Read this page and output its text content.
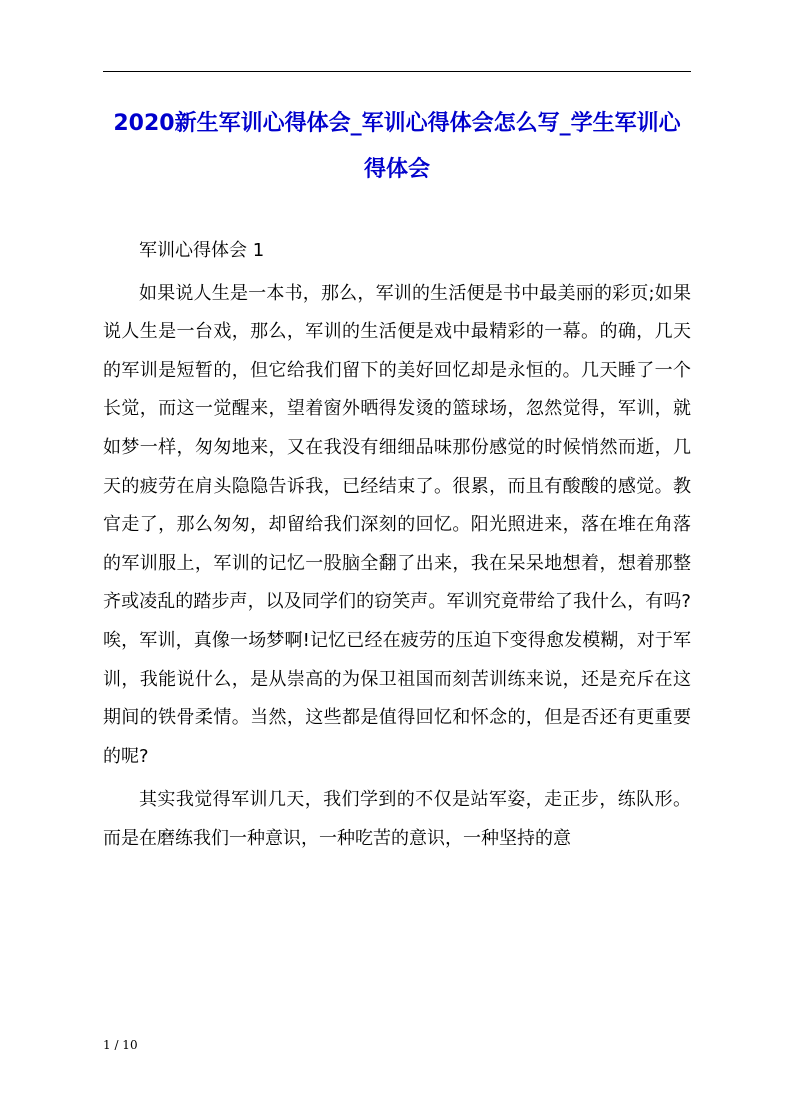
2020新生军训心得体会_军训心得体会怎么写_学生军训心得体会

军训心得体会 1

如果说人生是一本书，那么，军训的生活便是书中最美丽的彩页;如果说人生是一台戏，那么，军训的生活便是戏中最精彩的一幕。的确，几天的军训是短暂的，但它给我们留下的美好回忆却是永恒的。几天睡了一个长觉，而这一觉醒来，望着窗外晒得发烫的篮球场，忽然觉得，军训，就如梦一样，匆匆地来，又在我没有细细品味那份感觉的时候悄然而逝，几天的疲劳在肩头隐隐告诉我，已经结束了。很累，而且有酸酸的感觉。教官走了，那么匆匆，却留给我们深刻的回忆。阳光照进来，落在堆在角落的军训服上，军训的记忆一股脑全翻了出来，我在呆呆地想着，想着那整齐或凌乱的踏步声，以及同学们的窃笑声。军训究竟带给了我什么，有吗?唉，军训，真像一场梦啊!记忆已经在疲劳的压迫下变得愈发模糊，对于军训，我能说什么，是从崇高的为保卫祖国而刻苦训练来说，还是充斥在这期间的铁骨柔情。当然，这些都是值得回忆和怀念的，但是否还有更重要的呢?

其实我觉得军训几天，我们学到的不仅是站军姿，走正步，练队形。而是在磨练我们一种意识，一种吃苦的意识，一种坚持的意

1 / 10
